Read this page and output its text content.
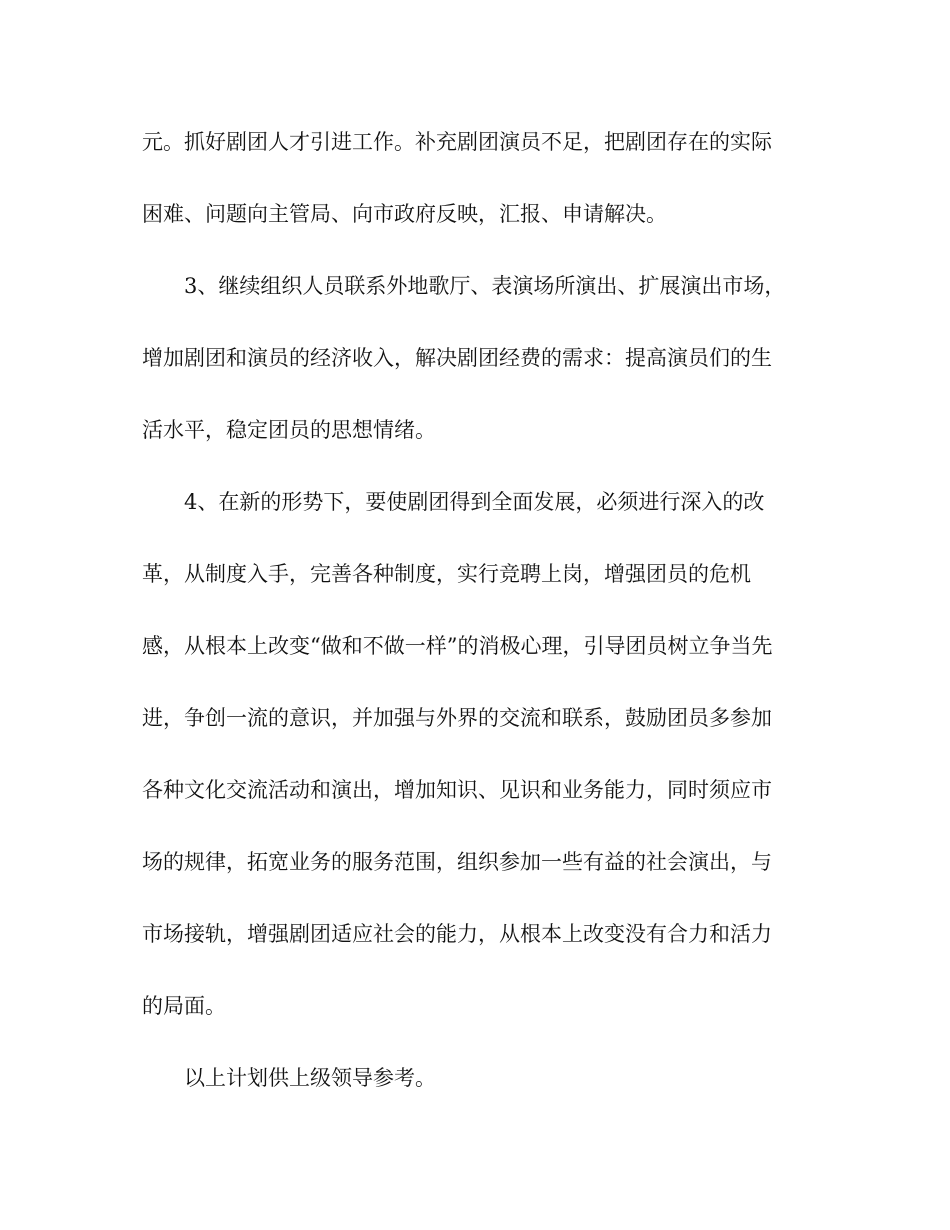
元。抓好剧团人才引进工作。补充剧团演员不足，把剧团存在的实际
困难、问题向主管局、向市政府反映，汇报、申请解决。
3、继续组织人员联系外地歌厅、表演场所演出、扩展演出市场，
增加剧团和演员的经济收入，解决剧团经费的需求：提高演员们的生
活水平，稳定团员的思想情绪。
4、在新的形势下，要使剧团得到全面发展，必须进行深入的改
革，从制度入手，完善各种制度，实行竞聘上岗，增强团员的危机
感，从根本上改变“做和不做一样”的消极心理，引导团员树立争当先
进，争创一流的意识，并加强与外界的交流和联系，鼓励团员多参加
各种文化交流活动和演出，增加知识、见识和业务能力，同时须应市
场的规律，拓宽业务的服务范围，组织参加一些有益的社会演出，与
市场接轨，增强剧团适应社会的能力，从根本上改变没有合力和活力
的局面。
以上计划供上级领导参考。
